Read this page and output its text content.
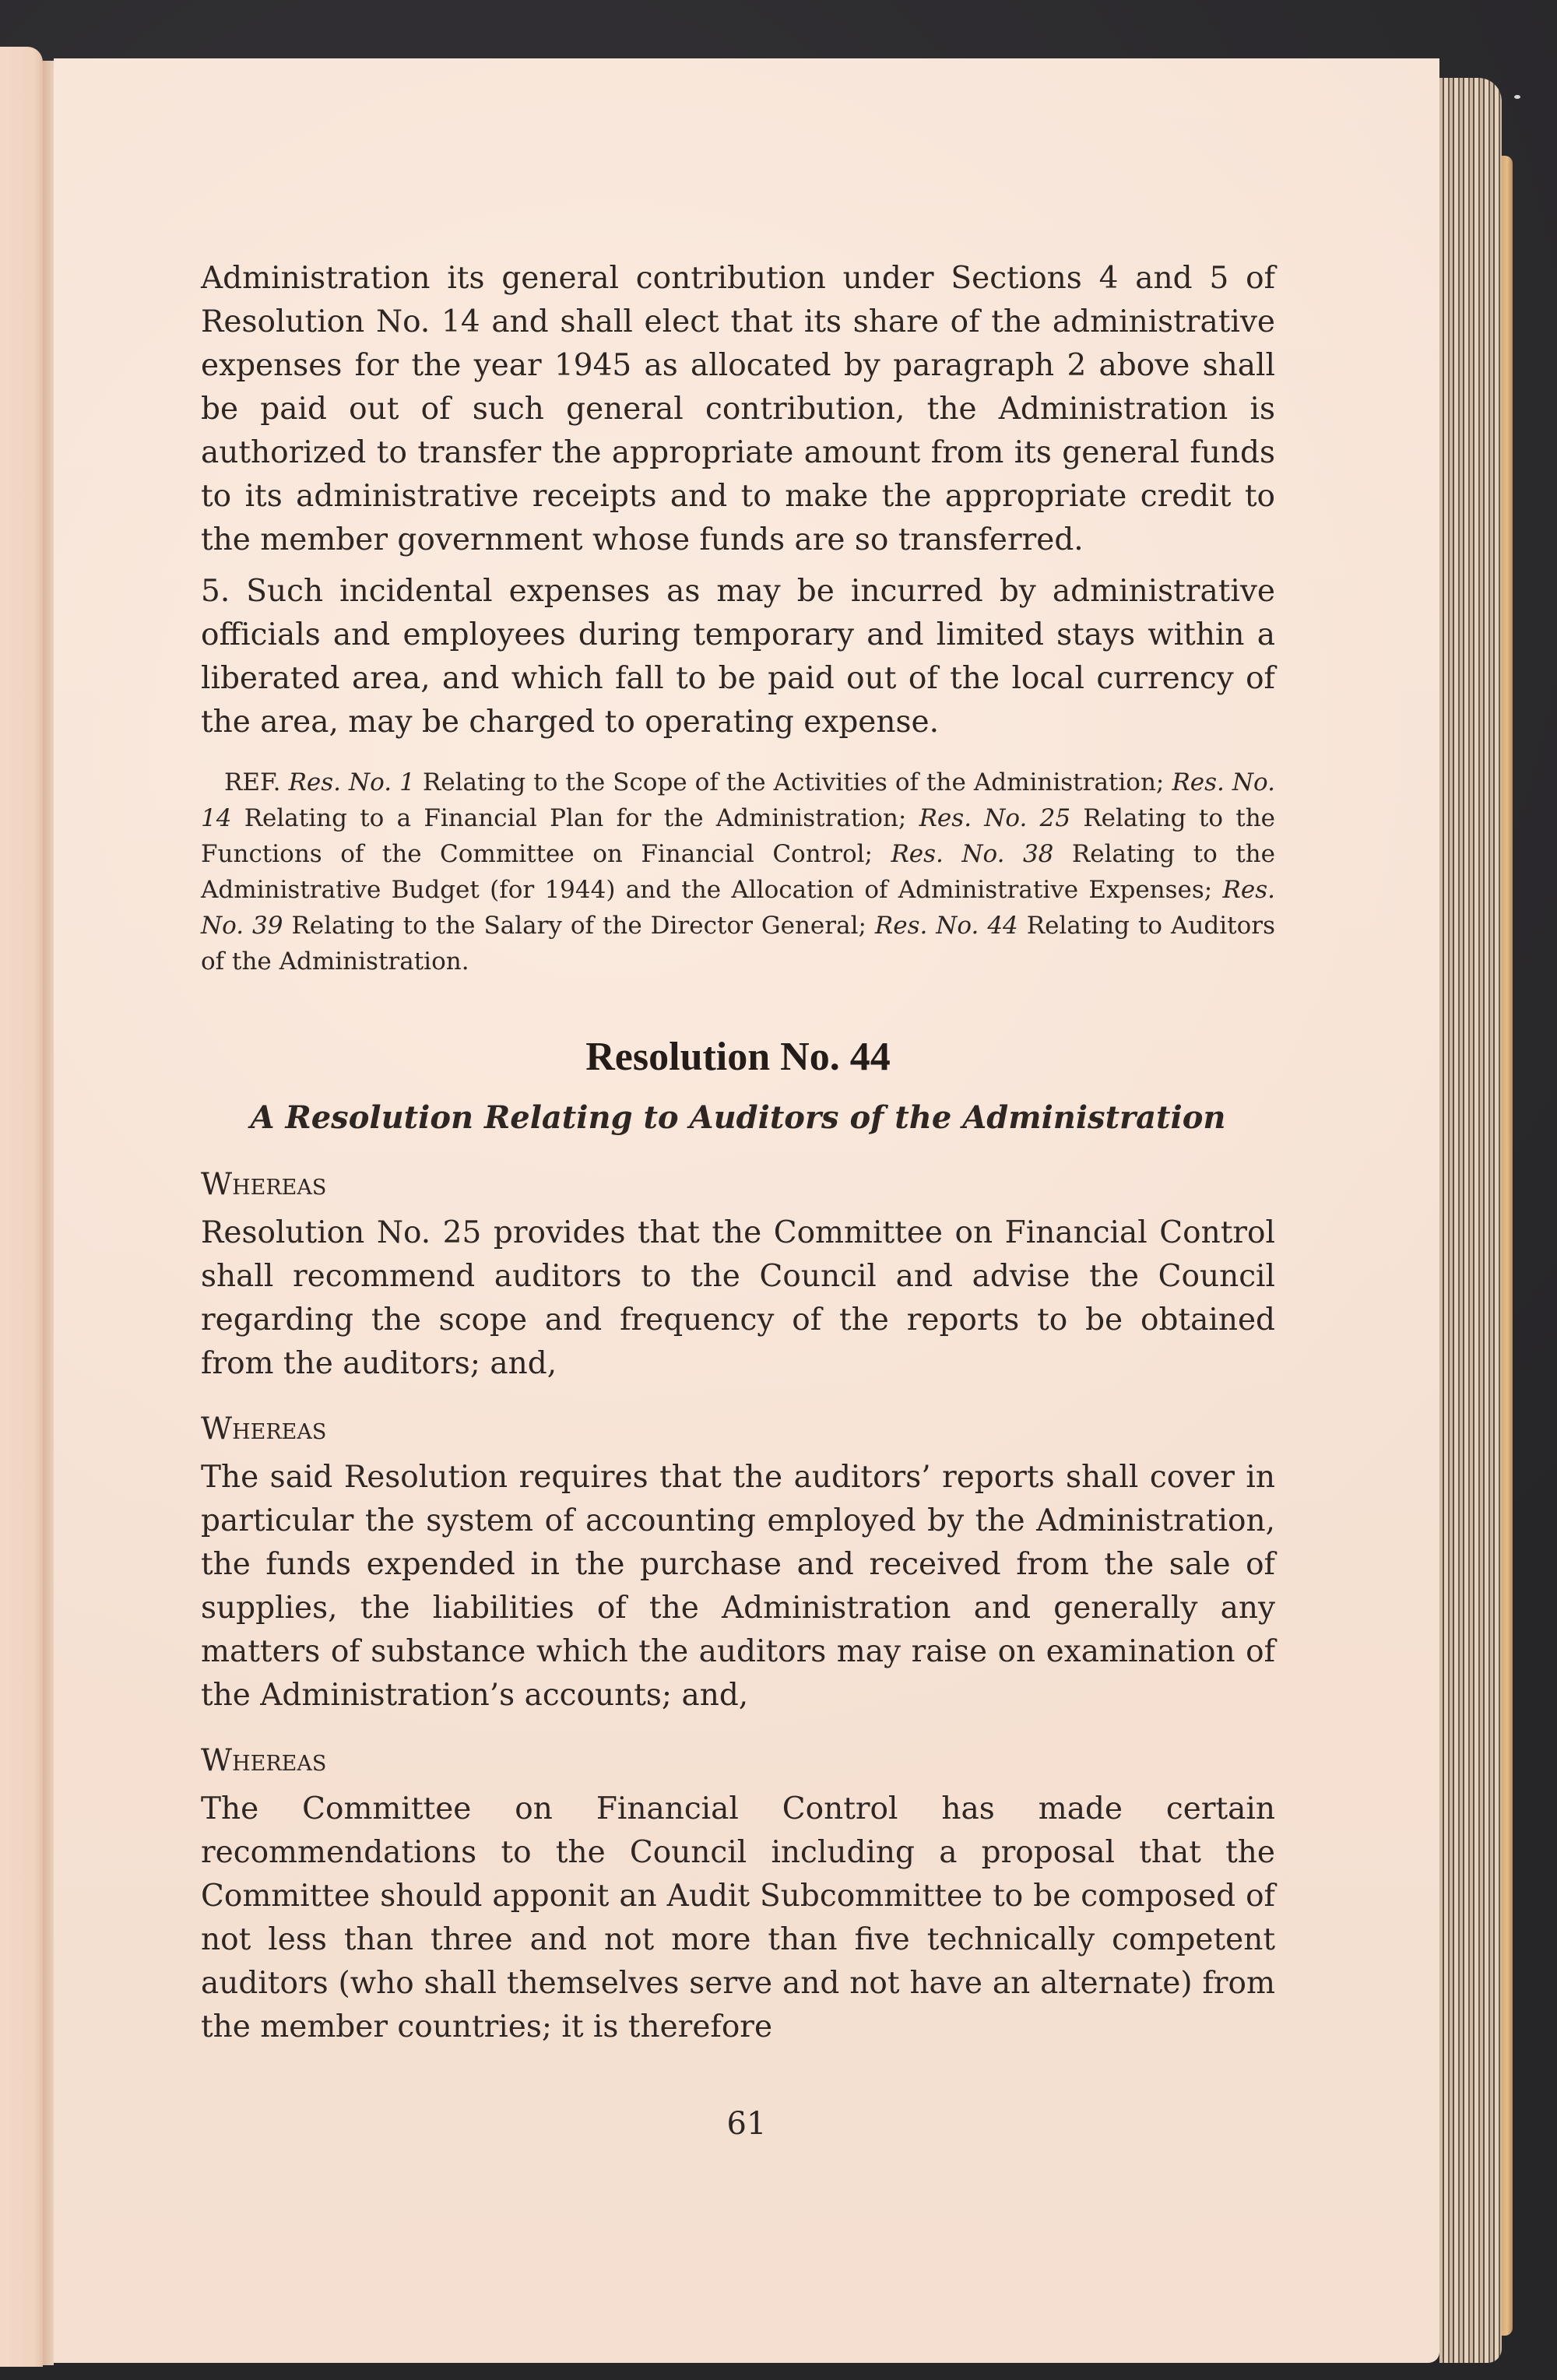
61

Administration its general contribution under Sections 4 and 5 of Resolution No. 14 and shall elect that its share of the administrative expenses for the year 1945 as allocated by paragraph 2 above shall be paid out of such general contribution, the Administration is authorized to transfer the appropriate amount from its general funds to its administrative receipts and to make the appropriate credit to the member government whose funds are so transferred.

5. Such incidental expenses as may be incurred by administrative officials and employees during temporary and limited stays within a liberated area, and which fall to be paid out of the local currency of the area, may be charged to operating expense.

REF. Res. No. 1 Relating to the Scope of the Activities of the Administration; Res. No. 14 Relating to a Financial Plan for the Administration; Res. No. 25 Relating to the Functions of the Committee on Financial Control; Res. No. 38 Relating to the Administrative Budget (for 1944) and the Allocation of Administrative Expenses; Res. No. 39 Relating to the Salary of the Director General; Res. No. 44 Relating to Auditors of the Administration.

Resolution No. 44
A Resolution Relating to Auditors of the Administration

Whereas

Resolution No. 25 provides that the Committee on Financial Control shall recommend auditors to the Council and advise the Council regarding the scope and frequency of the reports to be obtained from the auditors; and,

Whereas

The said Resolution requires that the auditors’ reports shall cover in particular the system of accounting employed by the Administration, the funds expended in the purchase and received from the sale of supplies, the liabilities of the Administration and generally any matters of substance which the auditors may raise on examination of the Administration’s accounts; and,

Whereas

The Committee on Financial Control has made certain recommendations to the Council including a proposal that the Committee should apponit an Audit Subcommittee to be composed of not less than three and not more than five technically competent auditors (who shall themselves serve and not have an alternate) from the member countries; it is therefore
